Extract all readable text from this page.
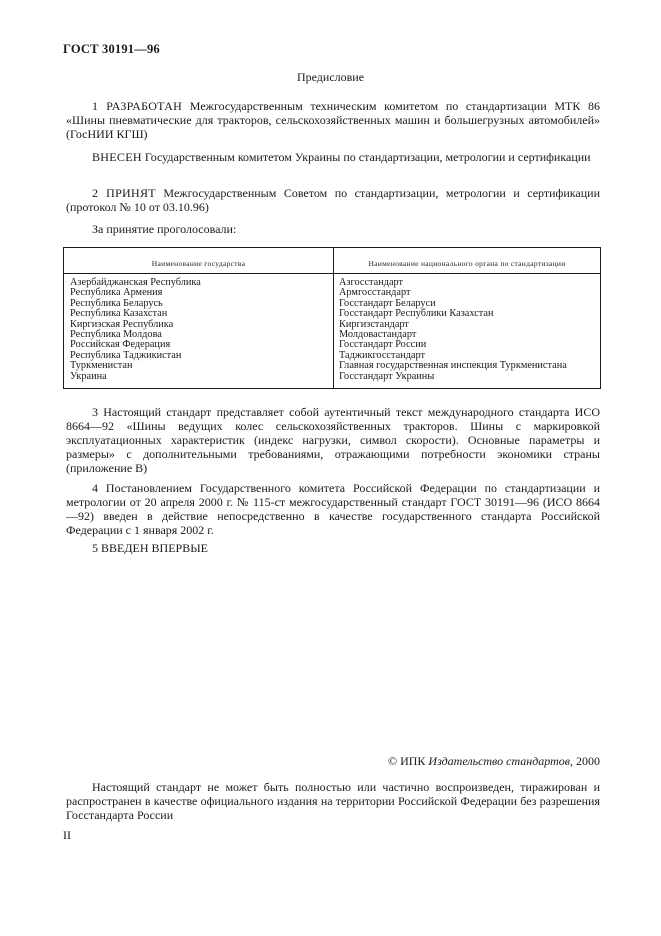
ГОСТ 30191—96
Предисловие
1 РАЗРАБОТАН Межгосударственным техническим комитетом по стандартизации МТК 86 «Шины пневматические для тракторов, сельскохозяйственных машин и большегрузных автомобилей» (ГосНИИ КГШ)
ВНЕСЕН Государственным комитетом Украины по стандартизации, метрологии и сертификации
2 ПРИНЯТ Межгосударственным Советом по стандартизации, метрологии и сертификации (протокол № 10 от 03.10.96)
За принятие проголосовали:
Наименование государства	Наименование национального органа по стандартизации
Азербайджанская Республика	Азгосстандарт
Республика Армения	Армгосстандарт
Республика Беларусь	Госстандарт Беларуси
Республика Казахстан	Госстандарт Республики Казахстан
Киргизская Республика	Киргизстандарт
Республика Молдова	Молдовастандарт
Российская Федерация	Госстандарт России
Республика Таджикистан	Таджикгосстандарт
Туркменистан	Главная государственная инспекция Туркменистана
Украина	Госстандарт Украины
3 Настоящий стандарт представляет собой аутентичный текст международного стандарта ИСО 8664—92 «Шины ведущих колес сельскохозяйственных тракторов. Шины с маркировкой эксплуатационных характеристик (индекс нагрузки, символ скорости). Основные параметры и размеры» с дополнительными требованиями, отражающими потребности экономики страны (приложение В)
4 Постановлением Государственного комитета Российской Федерации по стандартизации и метрологии от 20 апреля 2000 г. № 115-ст межгосударственный стандарт ГОСТ 30191—96 (ИСО 8664—92) введен в действие непосредственно в качестве государственного стандарта Российской Федерации с 1 января 2002 г.
5 ВВЕДЕН ВПЕРВЫЕ
© ИПК Издательство стандартов, 2000
Настоящий стандарт не может быть полностью или частично воспроизведен, тиражирован и распространен в качестве официального издания на территории Российской Федерации без разрешения Госстандарта России
II
